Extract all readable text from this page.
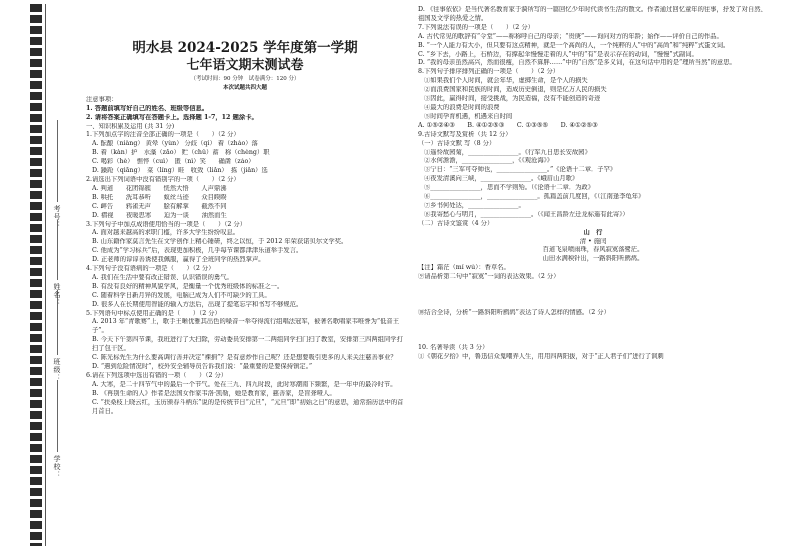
学校：
班级：
姓名：
考号：

明水县 2024-2025 学年度第一学期

七年语文期末测试卷

（考试时间：90 分钟　试卷满分：120 分）

本次试题共四大题

注意事项：

1. 答题前填写好自己的姓名、班级等信息。

2. 请将答案正确填写在答题卡上。选择题 1-7，12 题涂卡。

一、知识积累及运用 (共 31 分)

1.下列加点字的注音全部正确的一项是（　　）（2 分）

A. 酝酿（niàng） 黄晕（yùn） 分歧（qí） 着（zháo）落

B. 着（kàn）护　水藻（zǎo） 贮（chǔ）蓄　称（chèng）职

C. 喝彩（hè）　憔悴（cuì）　匿（nì）笑　　确凿（záo）

D. 躁跄（qiāng）　菜（líng）畦　收敛（liǎn）　拣（jiǎn）选

2.请选出下列词语中没有错别字的一项（　　）（2 分）

A. 判道　　花团锦簇　　恍然大悟　　人声鼎沸

B. 哄托　　洗耳恭听　　蚁丝马迹　　众目睽睽

C. 衅告　　鸦雀无声　　脍有解掌　　截然不同

D. 褶视　　夜暖思寒　　迫为一谈　　油然而生

3.下列句子中加点成语使用恰当的一项是（　　）（2 分）

A. 面对越来越高的求职门槛，许多大学生纷纷叹息。

B. 山东籍作家莫言先生在文学创作上精心锤研，终之以恒，于 2012 年荣获诺贝尔文学奖。

C. 他成为“学习标兵”后，表现更加积极，几乎每节课都津津乐道举手发言。

D. 正老师的谆谆善诱使我佩服，赢得了全班同学的热烈掌声。

4.下列句子没有语病的一项是（　　）（2 分）

A. 我们在生活中要有改正错误、认识错误的勇气。

B. 有没有良好的精神风貌学风，是衡量一个优秀班级体的标准之一。

C. 随着科学日新月异的发展，电脑已成为人们不可缺少的工具。

D. 很多人在长期使用智能的输入方法后，出现了提笔忘字和书写不够规范。

5.下列语句中标点使用正确的是（　　）（2 分）

A. 2013 年“青歌赛”上，歌手王晰优雅其出色的嗓音一举夺得流行组唱法冠军，被著名歌唱家韦唯誉为“低音王子”。

B. 今天下午第四节课，我班进行了大扫除，劳动委员安排第一二两组同学扫门扫了教室，安排第三四两组同学打扫了包干区。

C. 陈光标先生为什么要高调行善并决定“裸捐”？是有意炒作自己呢？还是想要吸引更多的人来关注慈善事业？

D. “遇到危险情况时”，校外安全辅导员告诉我们说：“最重要的是要保持镇定。”

6.请在下列选项中选出有错的一项（　　）（2 分）

A. 大寒，是二十四节气中的最后一个节气。处在三九、四九时段，此时寒潮南下频繁，是一年中的最冷时节。

B. 《再别生命的人》作者是法国女作家韦洛·凯勒，她是教育家，慈善家，是盲聋哑人。

C. “扶桑枝上晓云红，玉历颁春斗柄东”说的是传统节日“元旦”，“元旦”即“初始之日”的意思，通常指历法中的首月首日。

D. 《往事依依》是当代著名教育家于漪所写的一篇回忆少年时代读书生活的散文。作者通过回忆童年的往事，抒发了对自然、祖国及文学的热爱之情。

7.下列说法有误的一项是（　　）（2 分）

A. 古代常见的歌辞有“令堂”——称称呼自己的母亲；“贵庚”——询问对方的年龄；始作——评价自己的作品。

B. “一个人能力有大小，但只要有这点精神，就是一个高尚的人，一个纯粹的人”中的“高尚”和“纯粹”式蛋文词。

C. “乡下去，小路上，石桥边，有撑起伞慢慢走着的人”中的“有”是表示存在的动词，“慢慢”式副词。

D. “我的母亲虽然高兴，然而很瘦，自然不算胖……”中的“自然”是多义词，在这句话中用的是“理所当然”的意思。

8.下列句子排序排列正确的一项是（　　）（2 分）

①如果我们个人时间，就会年华，虚掷生命，是个人的损失

②而浪费国家和民族的时间，造成历史倒退，则是亿万人民的损失

③因此，赢得时间，接受挑战，为民造福，没有不能创造的奇迹

④最大的浪费是时间的浪费

⑤时间孕育机遇，机遇来自时间

A. ①⑤②④③　　B. ④①②⑤③　　C. ①③⑤⑤　　D. ④①②⑤③

9.古诗文默写及赏析（共 12 分）

（一）古诗文默 写（8 分）

①遥怜故园菊，________________。《行军九日思长安故园》

②水何澹澹，________________，《《观沧海》》

③宁日：“三军可夺帅也，________________。”《论语十二章．子罕》

④夜发清溪向三峡，________________。《峨眉山月歌》

⑤________________，思而不学则殆。（《论语十二章．为政》

⑥________________，________________。孤篇盖前几度回，《（江南逢李龟年》

⑦乡书何处达，________________。

⑧我寄愁心与明月，________________。（《闻王昌龄左迁龙标遥有此寄》）

（二）古诗文鉴赏（4 分）

山　行

清 • 施闰

百道飞泉喷雨珠，春风寂寞落鹭茫。

山田水满秧针出，一路斜阳听鹧鸪。

【注】霜茫（mí wú）：香草名。

⑨请品析第二句中“寂寞”一词的表达效果。（2 分）

⑩结合全诗，分析“一路斜阳听鹧鸪”表达了诗人怎样的情感。（2 分）

10. 名著导读（共 3 分）

①《朝花夕拾》中，鲁迅信众鬼嘲弄人生，用用四两阳拔，对于“正人君子们”进行了讽刺
